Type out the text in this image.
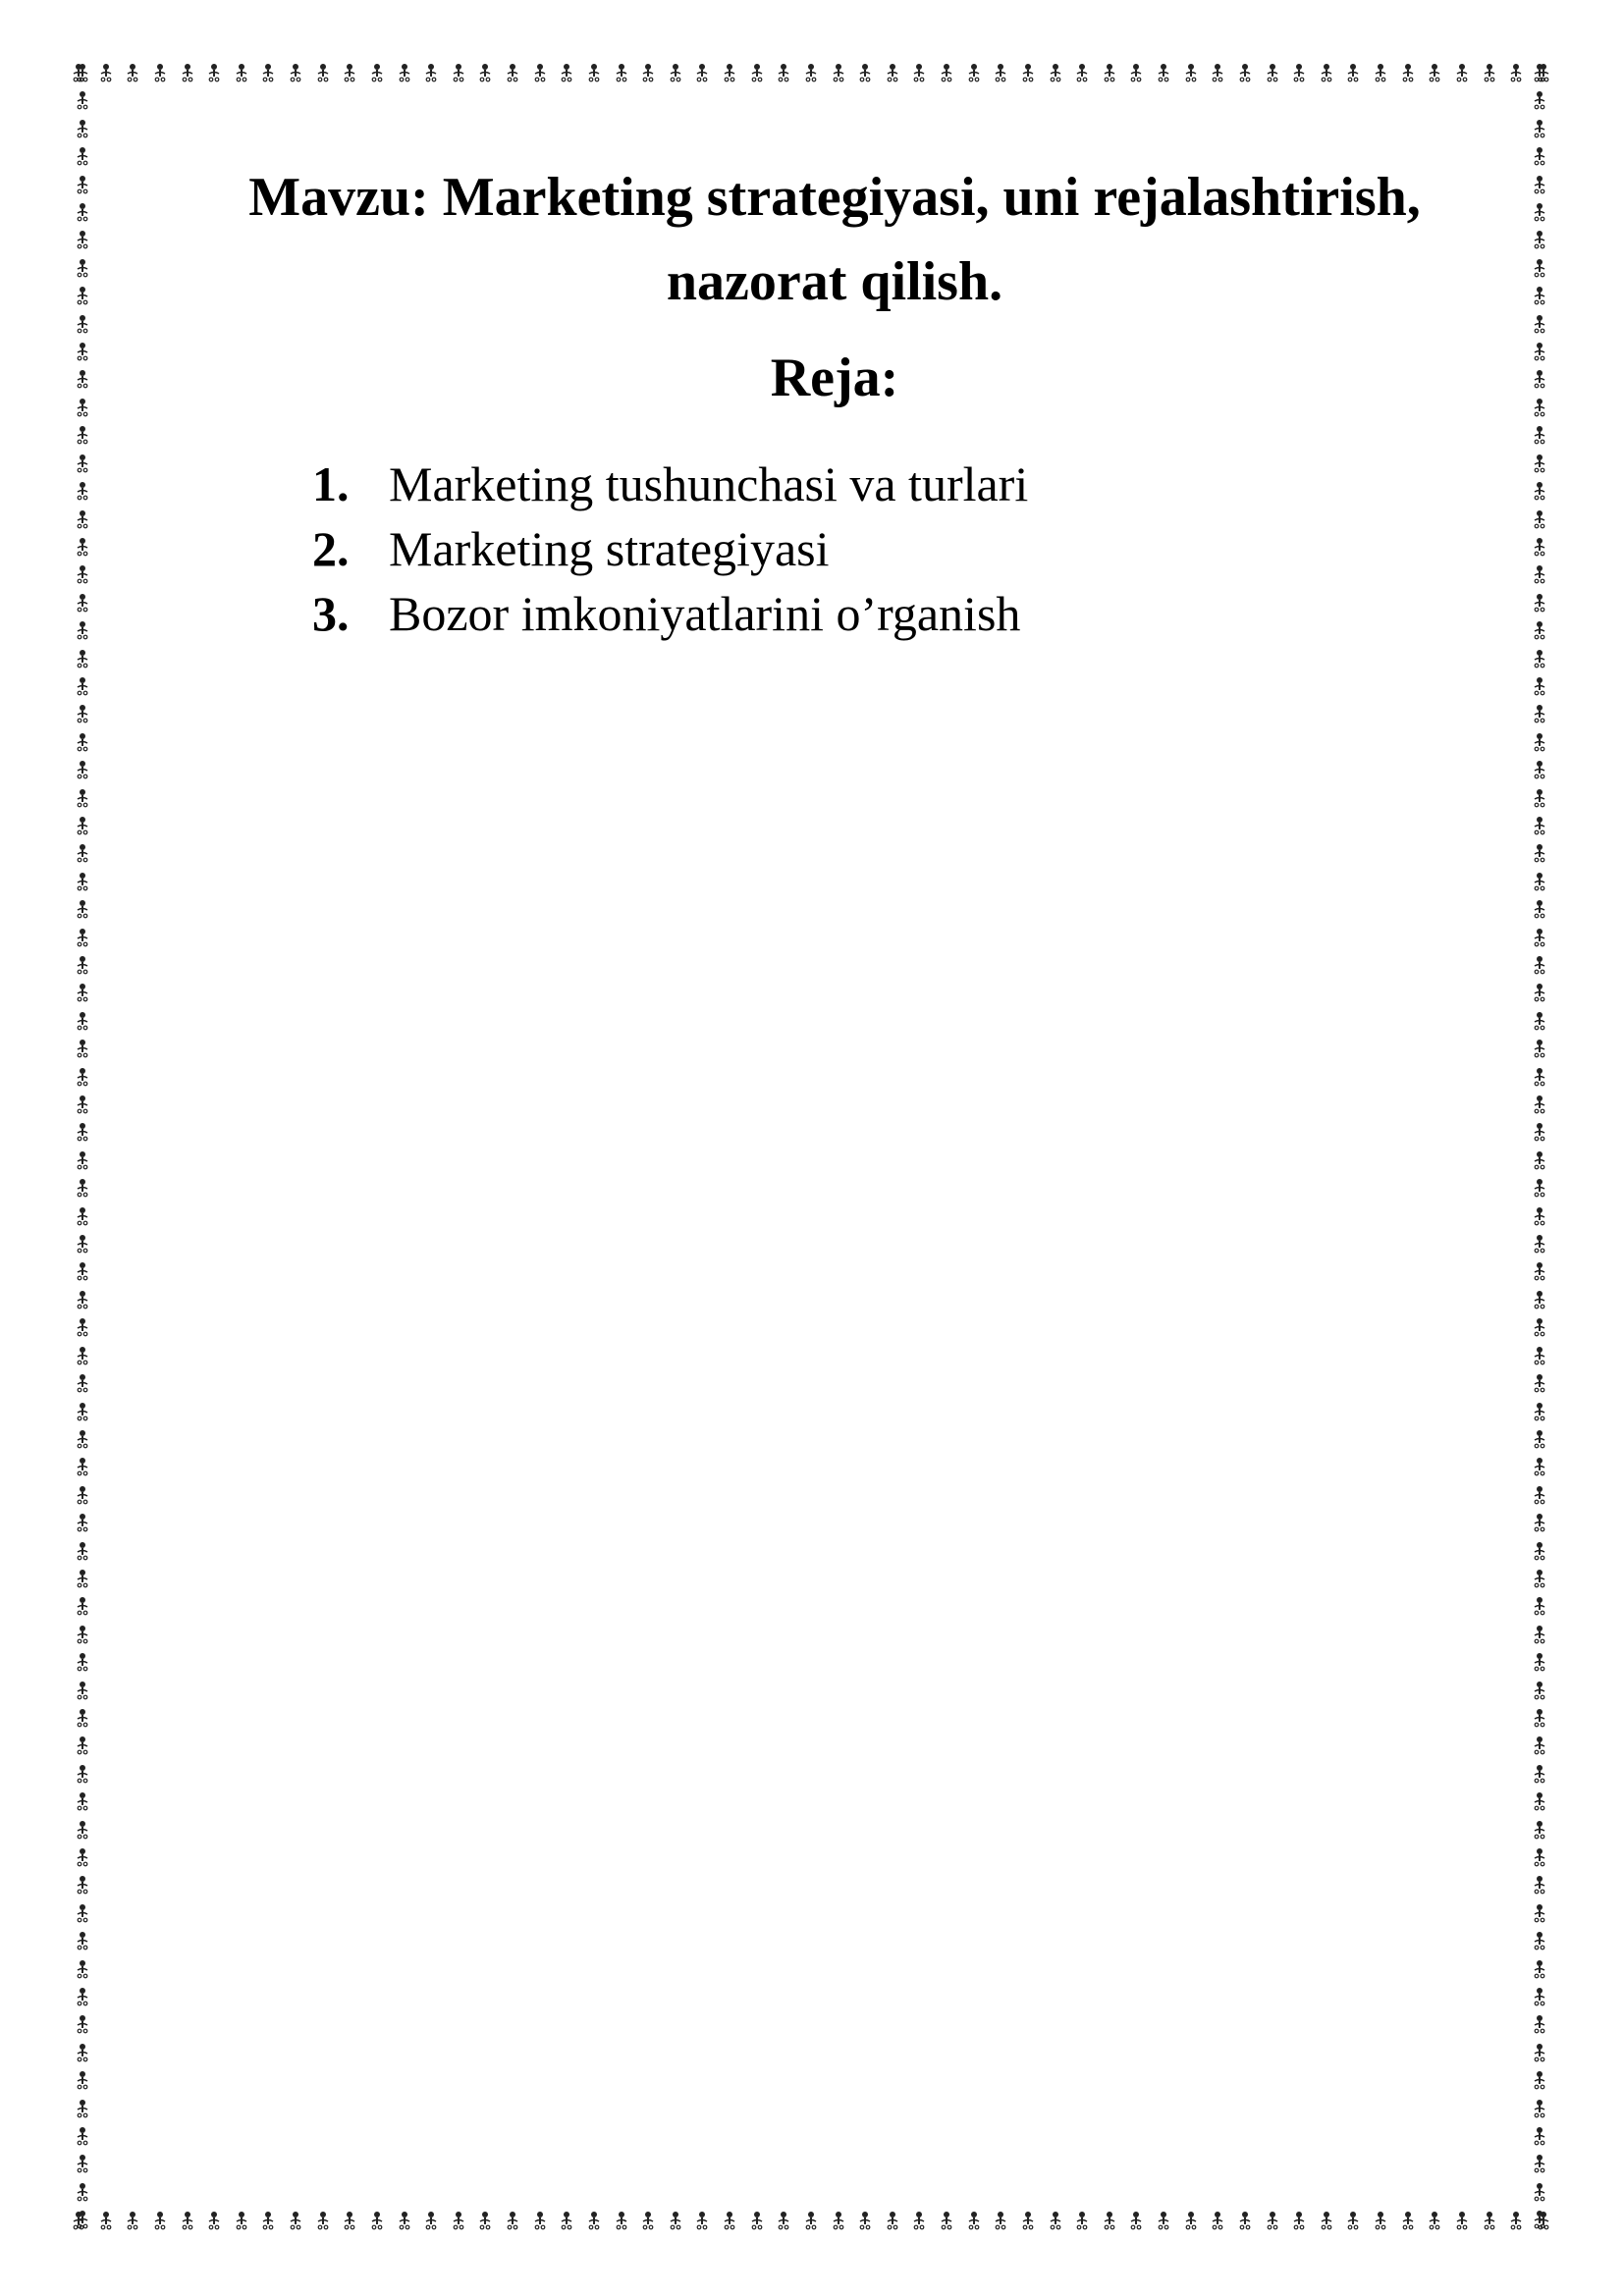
Mavzu: Marketing strategiyasi, uni rejalashtirish, nazorat qilish.
Reja:
1. Marketing tushunchasi va turlari
2. Marketing strategiyasi
3. Bozor imkoniyatlarini o’rganish
